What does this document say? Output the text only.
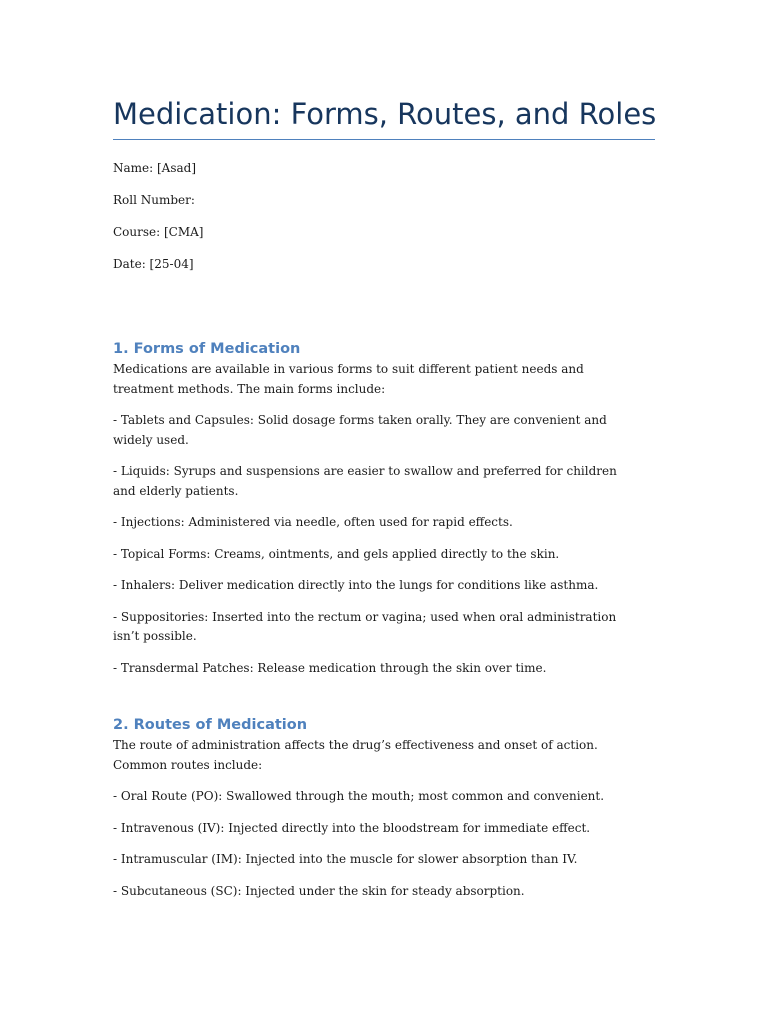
Medication: Forms, Routes, and Roles

Name: [Asad]

Roll Number:

Course: [CMA]

Date: [25-04]

1. Forms of Medication

Medications are available in various forms to suit different patient needs and treatment methods. The main forms include:

- Tablets and Capsules: Solid dosage forms taken orally. They are convenient and widely used.

- Liquids: Syrups and suspensions are easier to swallow and preferred for children and elderly patients.

- Injections: Administered via needle, often used for rapid effects.

- Topical Forms: Creams, ointments, and gels applied directly to the skin.

- Inhalers: Deliver medication directly into the lungs for conditions like asthma.

- Suppositories: Inserted into the rectum or vagina; used when oral administration isn’t possible.

- Transdermal Patches: Release medication through the skin over time.

2. Routes of Medication

The route of administration affects the drug’s effectiveness and onset of action. Common routes include:

- Oral Route (PO): Swallowed through the mouth; most common and convenient.

- Intravenous (IV): Injected directly into the bloodstream for immediate effect.

- Intramuscular (IM): Injected into the muscle for slower absorption than IV.

- Subcutaneous (SC): Injected under the skin for steady absorption.
